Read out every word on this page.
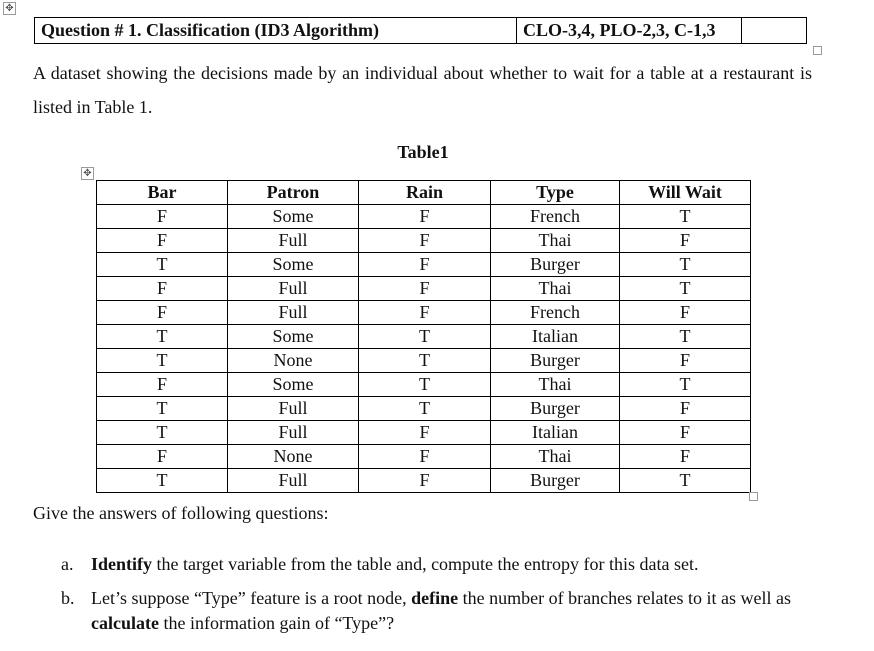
✥
Question # 1. Classification (ID3 Algorithm)	CLO-3,4, PLO-2,3, C-1,3	
A dataset showing the decisions made by an individual about whether to wait for a table at a restaurant is listed in Table 1.
Table1
✥
Bar	Patron	Rain	Type	Will Wait
F	Some	F	French	T
F	Full	F	Thai	F
T	Some	F	Burger	T
F	Full	F	Thai	T
F	Full	F	French	F
T	Some	T	Italian	T
T	None	T	Burger	F
F	Some	T	Thai	T
T	Full	T	Burger	F
T	Full	F	Italian	F
F	None	F	Thai	F
T	Full	F	Burger	T
Give the answers of following questions:
a. Identify the target variable from the table and, compute the entropy for this data set.
b. Let’s suppose “Type” feature is a root node, define the number of branches relates to it as well as calculate the information gain of “Type”?
